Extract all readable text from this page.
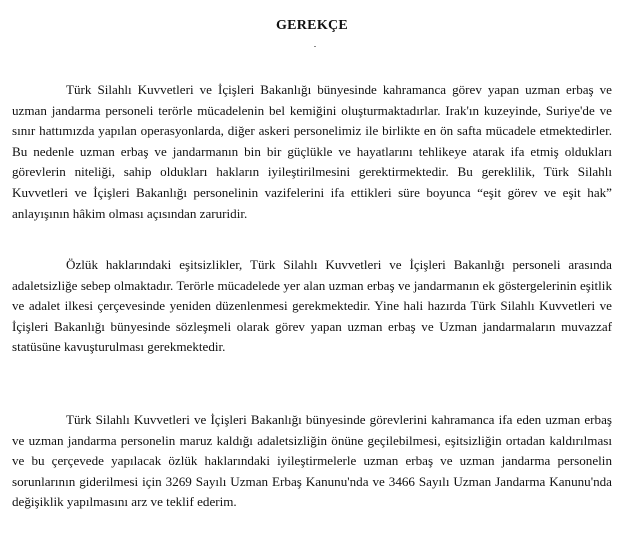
GEREKÇE

Türk Silahlı Kuvvetleri ve İçişleri Bakanlığı bünyesinde kahramanca görev yapan uzman erbaş ve uzman jandarma personeli terörle mücadelenin bel kemiğini oluşturmaktadırlar. Irak'ın kuzeyinde, Suriye'de ve sınır hattımızda yapılan operasyonlarda, diğer askeri personelimiz ile birlikte en ön safta mücadele etmektedirler. Bu nedenle uzman erbaş ve jandarmanın bin bir güçlükle ve hayatlarını tehlikeye atarak ifa etmiş oldukları görevlerin niteliği, sahip oldukları hakların iyileştirilmesini gerektirmektedir. Bu gereklilik, Türk Silahlı Kuvvetleri ve İçişleri Bakanlığı personelinin vazifelerini ifa ettikleri süre boyunca “eşit görev ve eşit hak” anlayışının hâkim olması açısından zaruridir.

Özlük haklarındaki eşitsizlikler, Türk Silahlı Kuvvetleri ve İçişleri Bakanlığı personeli arasında adaletsizliğe sebep olmaktadır. Terörle mücadelede yer alan uzman erbaş ve jandarmanın ek göstergelerinin eşitlik ve adalet ilkesi çerçevesinde yeniden düzenlenmesi gerekmektedir. Yine hali hazırda Türk Silahlı Kuvvetleri ve İçişleri Bakanlığı bünyesinde sözleşmeli olarak görev yapan uzman erbaş ve Uzman jandarmaların muvazzaf statüsüne kavuşturulması gerekmektedir.

Türk Silahlı Kuvvetleri ve İçişleri Bakanlığı bünyesinde görevlerini kahramanca ifa eden uzman erbaş ve uzman jandarma personelin maruz kaldığı adaletsizliğin önüne geçilebilmesi, eşitsizliğin ortadan kaldırılması ve bu çerçevede yapılacak özlük haklarındaki iyileştirmelerle uzman erbaş ve uzman jandarma personelin sorunlarının giderilmesi için 3269 Sayılı Uzman Erbaş Kanunu'nda ve 3466 Sayılı Uzman Jandarma Kanunu'nda değişiklik yapılmasını arz ve teklif ederim.
